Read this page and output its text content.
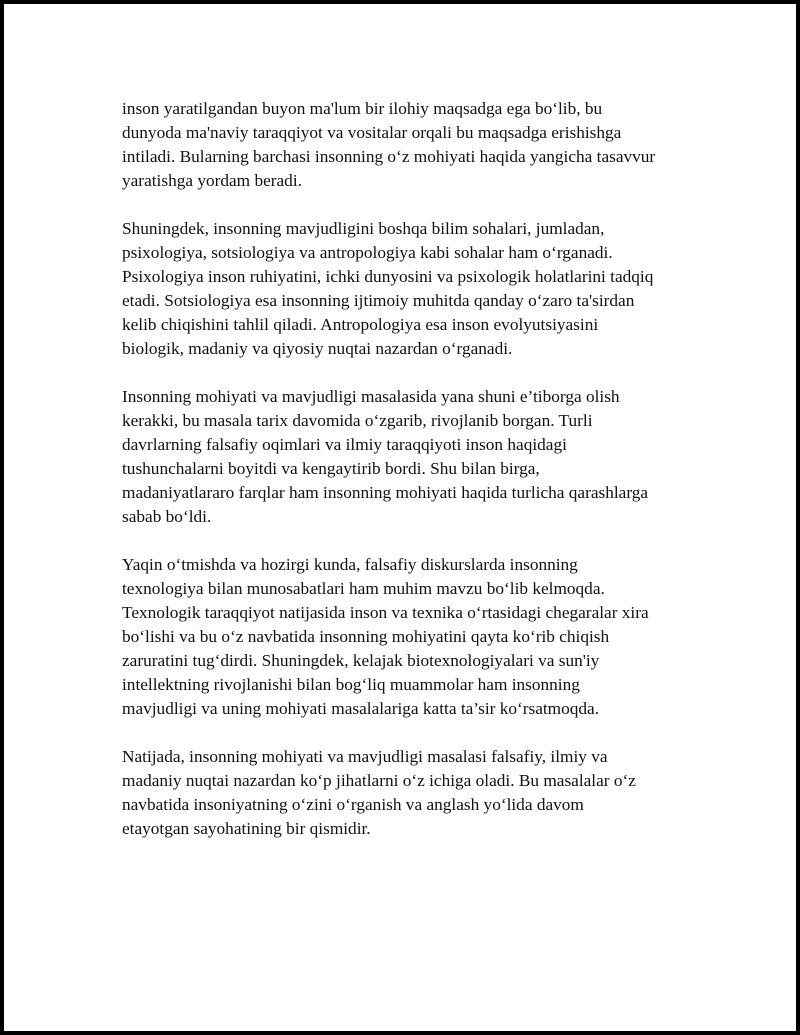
inson yaratilgandan buyon ma'lum bir ilohiy maqsadga ega bo‘lib, bu
dunyoda ma'naviy taraqqiyot va vositalar orqali bu maqsadga erishishga
intiladi. Bularning barchasi insonning o‘z mohiyati haqida yangicha tasavvur
yaratishga yordam beradi.

Shuningdek, insonning mavjudligini boshqa bilim sohalari, jumladan,
psixologiya, sotsiologiya va antropologiya kabi sohalar ham o‘rganadi.
Psixologiya inson ruhiyatini, ichki dunyosini va psixologik holatlarini tadqiq
etadi. Sotsiologiya esa insonning ijtimoiy muhitda qanday o‘zaro ta'sirdan
kelib chiqishini tahlil qiladi. Antropologiya esa inson evolyutsiyasini
biologik, madaniy va qiyosiy nuqtai nazardan o‘rganadi.

Insonning mohiyati va mavjudligi masalasida yana shuni e’tiborga olish
kerakki, bu masala tarix davomida o‘zgarib, rivojlanib borgan. Turli
davrlarning falsafiy oqimlari va ilmiy taraqqiyoti inson haqidagi
tushunchalarni boyitdi va kengaytirib bordi. Shu bilan birga,
madaniyatlararo farqlar ham insonning mohiyati haqida turlicha qarashlarga
sabab bo‘ldi.

Yaqin o‘tmishda va hozirgi kunda, falsafiy diskurslarda insonning
texnologiya bilan munosabatlari ham muhim mavzu bo‘lib kelmoqda.
Texnologik taraqqiyot natijasida inson va texnika o‘rtasidagi chegaralar xira
bo‘lishi va bu o‘z navbatida insonning mohiyatini qayta ko‘rib chiqish
zaruratini tug‘dirdi. Shuningdek, kelajak biotexnologiyalari va sun'iy
intellektning rivojlanishi bilan bog‘liq muammolar ham insonning
mavjudligi va uning mohiyati masalalariga katta ta’sir ko‘rsatmoqda.

Natijada, insonning mohiyati va mavjudligi masalasi falsafiy, ilmiy va
madaniy nuqtai nazardan ko‘p jihatlarni o‘z ichiga oladi. Bu masalalar o‘z
navbatida insoniyatning o‘zini o‘rganish va anglash yo‘lida davom
etayotgan sayohatining bir qismidir.
